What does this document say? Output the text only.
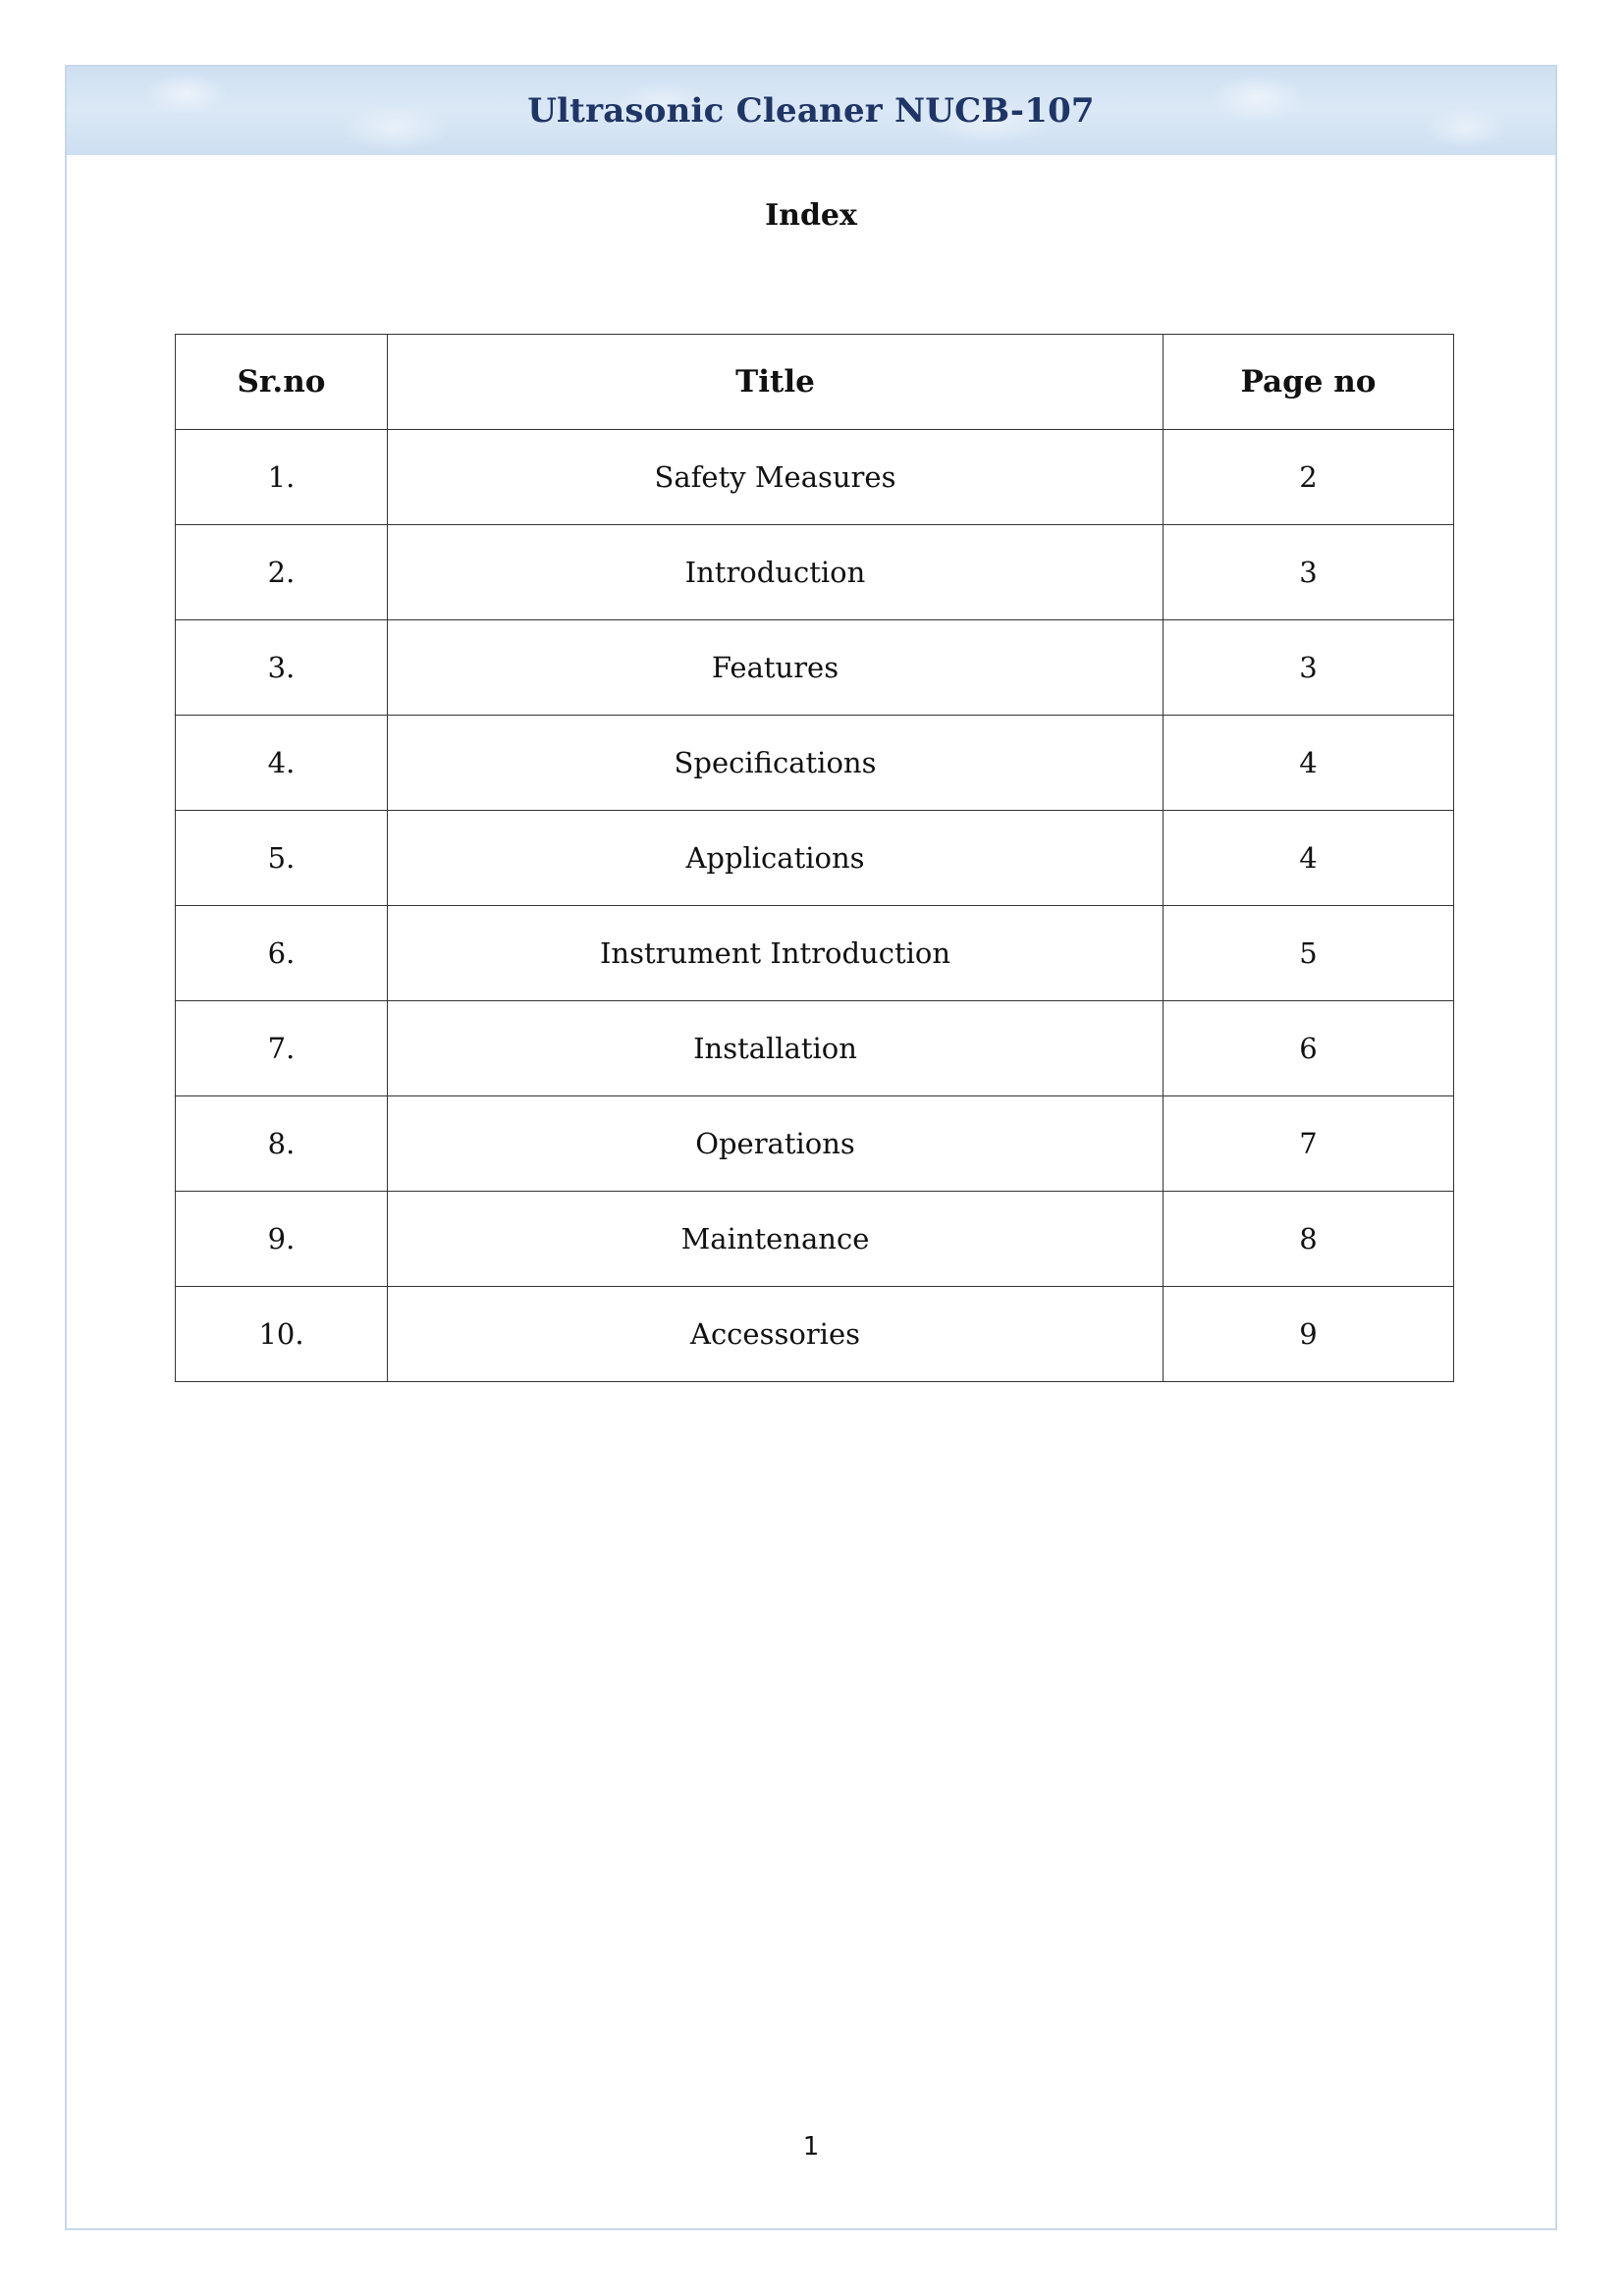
Ultrasonic Cleaner NUCB-107
Index
Sr.no	Title	Page no
1.	Safety Measures	2
2.	Introduction	3
3.	Features	3
4.	Specifications	4
5.	Applications	4
6.	Instrument Introduction	5
7.	Installation	6
8.	Operations	7
9.	Maintenance	8
10.	Accessories	9
1
